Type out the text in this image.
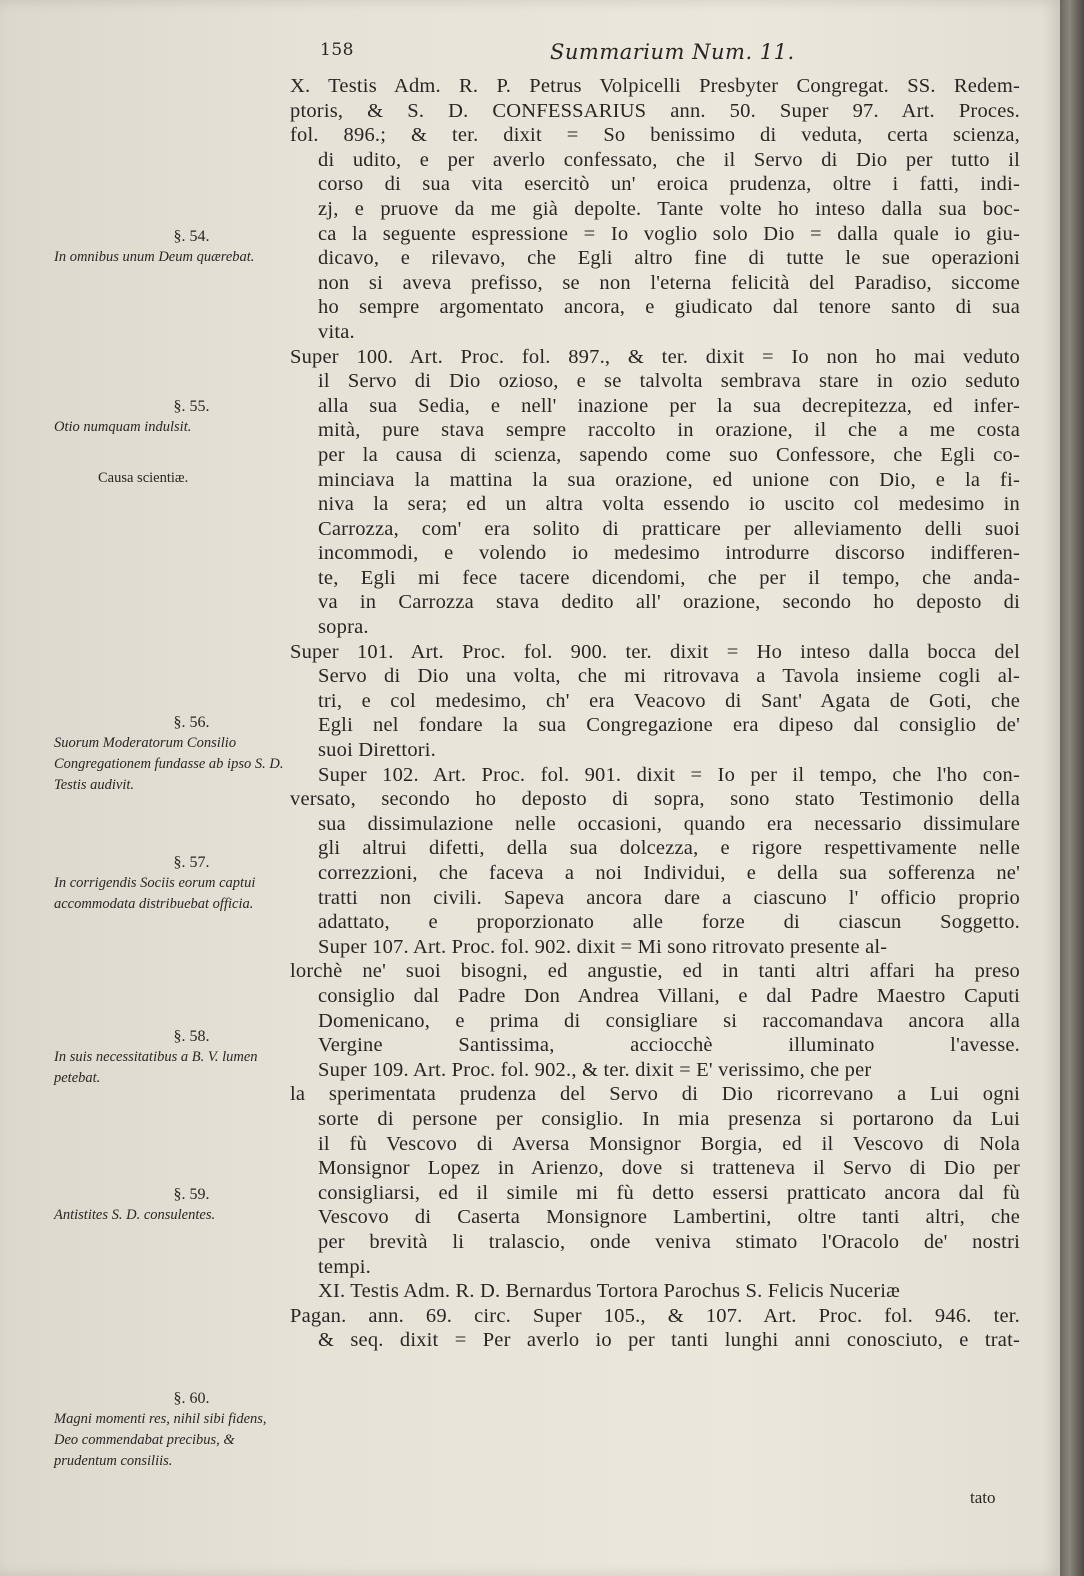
158	Summarium Num. 11.
§. 54.
In omnibus unum Deum quærebat.
§. 55.
Otio numquam indulsit.
Causa scientiæ.
§. 56.
Suorum Moderatorum Consilio Congregationem fundasse ab ipso S. D. Testis audivit.
§. 57.
In corrigendis Sociis eorum captui accommodata distribuebat officia.
§. 58.
In suis necessitatibus a B. V. lumen petebat.
§. 59.
Antistites S. D. consulentes.
§. 60.
Magni momenti res, nihil sibi fidens, Deo commendabat precibus, & prudentum consiliis.
X. Testis Adm. R. P. Petrus Volpicelli Presbyter Congregat. SS. Redem-
ptoris, & S. D. CONFESSARIUS ann. 50. Super 97. Art. Proces.
fol. 896.; & ter. dixit = So benissimo di veduta, certa scienza,
di udito, e per averlo confessato, che il Servo di Dio per tutto il
corso di sua vita esercitò un' eroica prudenza, oltre i fatti, indi-
zj, e pruove da me già depolte. Tante volte ho inteso dalla sua boc-
ca la seguente espressione = Io voglio solo Dio = dalla quale io giu-
dicavo, e rilevavo, che Egli altro fine di tutte le sue operazioni
non si aveva prefisso, se non l'eterna felicità del Paradiso, siccome
ho sempre argomentato ancora, e giudicato dal tenore santo di sua
vita.
Super 100. Art. Proc. fol. 897., & ter. dixit = Io non ho mai veduto
il Servo di Dio ozioso, e se talvolta sembrava stare in ozio seduto
alla sua Sedia, e nell' inazione per la sua decrepitezza, ed infer-
mità, pure stava sempre raccolto in orazione, il che a me costa
per la causa di scienza, sapendo come suo Confessore, che Egli co-
minciava la mattina la sua orazione, ed unione con Dio, e la fi-
niva la sera; ed un altra volta essendo io uscito col medesimo in
Carrozza, com' era solito di pratticare per alleviamento delli suoi
incommodi, e volendo io medesimo introdurre discorso indifferen-
te, Egli mi fece tacere dicendomi, che per il tempo, che anda-
va in Carrozza stava dedito all' orazione, secondo ho deposto di
sopra.
Super 101. Art. Proc. fol. 900. ter. dixit = Ho inteso dalla bocca del
Servo di Dio una volta, che mi ritrovava a Tavola insieme cogli al-
tri, e col medesimo, ch' era Veacovo di Sant' Agata de Goti, che
Egli nel fondare la sua Congregazione era dipeso dal consiglio de'
suoi Direttori.
Super 102. Art. Proc. fol. 901. dixit = Io per il tempo, che l'ho con-
versato, secondo ho deposto di sopra, sono stato Testimonio della
sua dissimulazione nelle occasioni, quando era necessario dissimulare
gli altrui difetti, della sua dolcezza, e rigore respettivamente nelle
correzzioni, che faceva a noi Individui, e della sua sofferenza ne'
tratti non civili. Sapeva ancora dare a ciascuno l' officio proprio
adattato, e proporzionato alle forze di ciascun Soggetto.
Super 107. Art. Proc. fol. 902. dixit = Mi sono ritrovato presente al-
lorchè ne' suoi bisogni, ed angustie, ed in tanti altri affari ha preso
consiglio dal Padre Don Andrea Villani, e dal Padre Maestro Caputi
Domenicano, e prima di consigliare si raccomandava ancora alla
Vergine Santissima, acciocchè illuminato l'avesse.
Super 109. Art. Proc. fol. 902., & ter. dixit = E' verissimo, che per
la sperimentata prudenza del Servo di Dio ricorrevano a Lui ogni
sorte di persone per consiglio. In mia presenza si portarono da Lui
il fù Vescovo di Aversa Monsignor Borgia, ed il Vescovo di Nola
Monsignor Lopez in Arienzo, dove si tratteneva il Servo di Dio per
consigliarsi, ed il simile mi fù detto essersi pratticato ancora dal fù
Vescovo di Caserta Monsignore Lambertini, oltre tanti altri, che
per brevità li tralascio, onde veniva stimato l'Oracolo de' nostri
tempi.
XI. Testis Adm. R. D. Bernardus Tortora Parochus S. Felicis Nuceriæ
Pagan. ann. 69. circ. Super 105., & 107. Art. Proc. fol. 946. ter.
& seq. dixit = Per averlo io per tanti lunghi anni conosciuto, e trat-
tato
